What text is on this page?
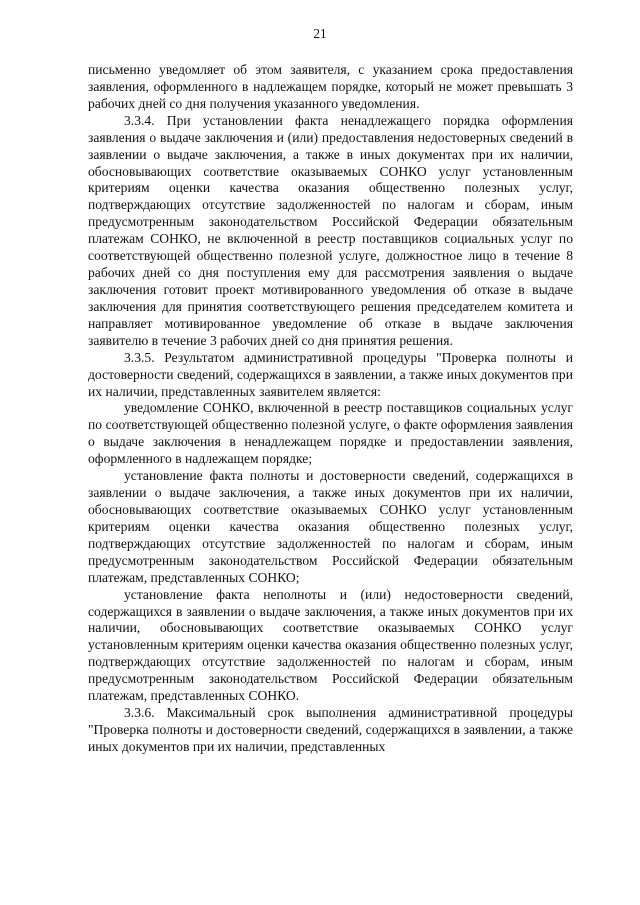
21

письменно уведомляет об этом заявителя, с указанием срока предоставления заявления, оформленного в надлежащем порядке, который не может превышать 3 рабочих дней со дня получения указанного уведомления.

3.3.4. При установлении факта ненадлежащего порядка оформления заявления о выдаче заключения и (или) предоставления недостоверных сведений в заявлении о выдаче заключения, а также в иных документах при их наличии, обосновывающих соответствие оказываемых СОНКО услуг установленным критериям оценки качества оказания общественно полезных услуг, подтверждающих отсутствие задолженностей по налогам и сборам, иным предусмотренным законодательством Российской Федерации обязательным платежам СОНКО, не включенной в реестр поставщиков социальных услуг по соответствующей общественно полезной услуге, должностное лицо в течение 8 рабочих дней со дня поступления ему для рассмотрения заявления о выдаче заключения готовит проект мотивированного уведомления об отказе в выдаче заключения для принятия соответствующего решения председателем комитета и направляет мотивированное уведомление об отказе в выдаче заключения заявителю в течение 3 рабочих дней со дня принятия решения.

3.3.5. Результатом административной процедуры "Проверка полноты и достоверности сведений, содержащихся в заявлении, а также иных документов при их наличии, представленных заявителем является:

уведомление СОНКО, включенной в реестр поставщиков социальных услуг по соответствующей общественно полезной услуге, о факте оформления заявления о выдаче заключения в ненадлежащем порядке и предоставлении заявления, оформленного в надлежащем порядке;

установление факта полноты и достоверности сведений, содержащихся в заявлении о выдаче заключения, а также иных документов при их наличии, обосновывающих соответствие оказываемых СОНКО услуг установленным критериям оценки качества оказания общественно полезных услуг, подтверждающих отсутствие задолженностей по налогам и сборам, иным предусмотренным законодательством Российской Федерации обязательным платежам, представленных СОНКО;

установление факта неполноты и (или) недостоверности сведений, содержащихся в заявлении о выдаче заключения, а также иных документов при их наличии, обосновывающих соответствие оказываемых СОНКО услуг установленным критериям оценки качества оказания общественно полезных услуг, подтверждающих отсутствие задолженностей по налогам и сборам, иным предусмотренным законодательством Российской Федерации обязательным платежам, представленных СОНКО.

3.3.6. Максимальный срок выполнения административной процедуры "Проверка полноты и достоверности сведений, содержащихся в заявлении, а также иных документов при их наличии, представленных
